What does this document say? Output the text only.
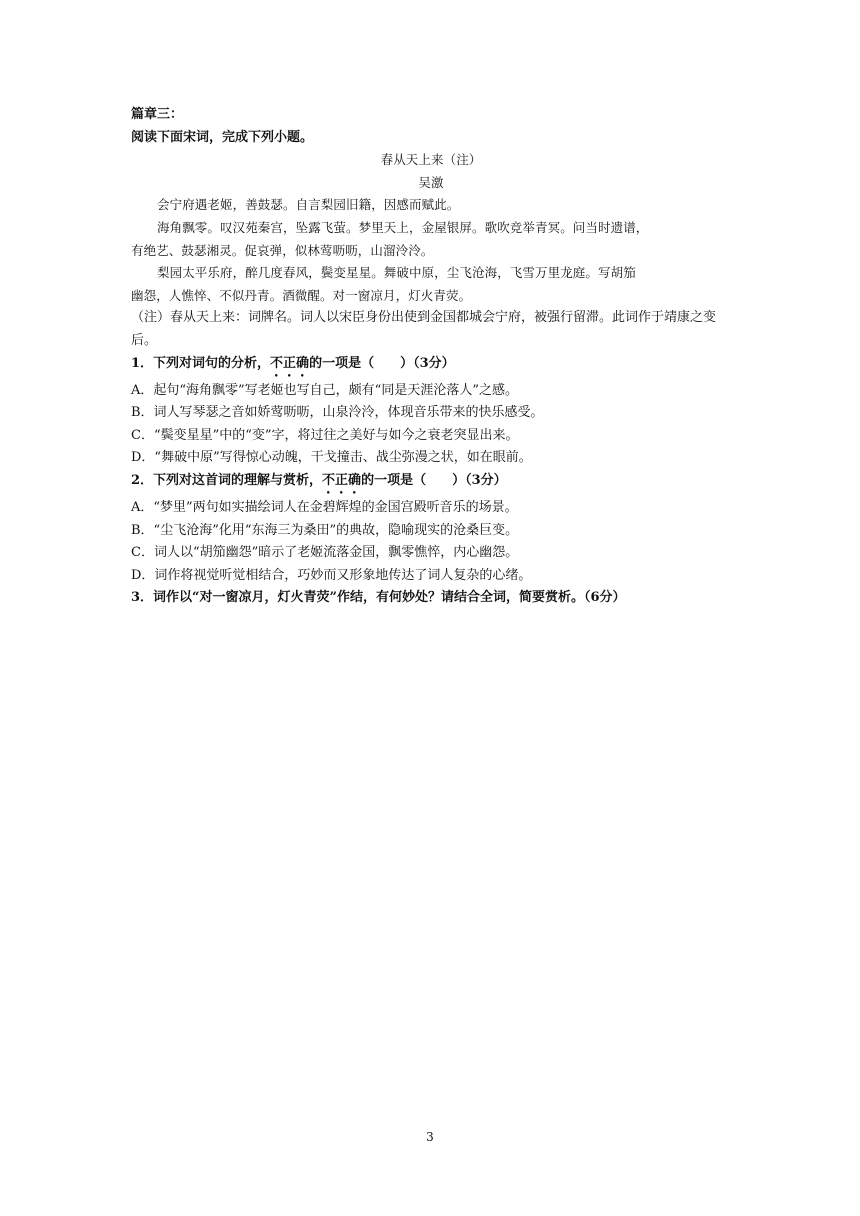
篇章三：
阅读下面宋词，完成下列小题。
春从天上来（注）
吴激
会宁府遇老姬，善鼓瑟。自言梨园旧籍，因感而赋此。
海角飘零。叹汉苑秦宫，坠露飞萤。梦里天上，金屋银屏。歌吹竞举青冥。问当时遗谱，
有绝艺、鼓瑟湘灵。促哀弹，似林莺呖呖，山溜泠泠。
梨园太平乐府，醉几度春风，鬓变星星。舞破中原，尘飞沧海，飞雪万里龙庭。写胡笳
幽怨，人憔悴、不似丹青。酒微醒。对一窗凉月，灯火青荧。
（注）春从天上来：词牌名。词人以宋臣身份出使到金国都城会宁府，被强行留滞。此词作于靖康之变后。
1．下列对词句的分析，不正确的一项是（　　）（3分）
A．起句“海角飘零”写老姬也写自己，颇有“同是天涯沦落人”之感。
B．词人写琴瑟之音如娇莺呖呖，山泉泠泠，体现音乐带来的快乐感受。
C．“鬓变星星”中的“变”字，将过往之美好与如今之衰老突显出来。
D．“舞破中原”写得惊心动魄，干戈撞击、战尘弥漫之状，如在眼前。
2．下列对这首词的理解与赏析，不正确的一项是（　　）（3分）
A．“梦里”两句如实描绘词人在金碧辉煌的金国宫殿听音乐的场景。
B．“尘飞沧海”化用“东海三为桑田”的典故，隐喻现实的沧桑巨变。
C．词人以“胡笳幽怨”暗示了老姬流落金国，飘零憔悴，内心幽怨。
D．词作将视觉听觉相结合，巧妙而又形象地传达了词人复杂的心绪。
3．词作以“对一窗凉月，灯火青荧”作结，有何妙处？请结合全词，简要赏析。（6分）
3
